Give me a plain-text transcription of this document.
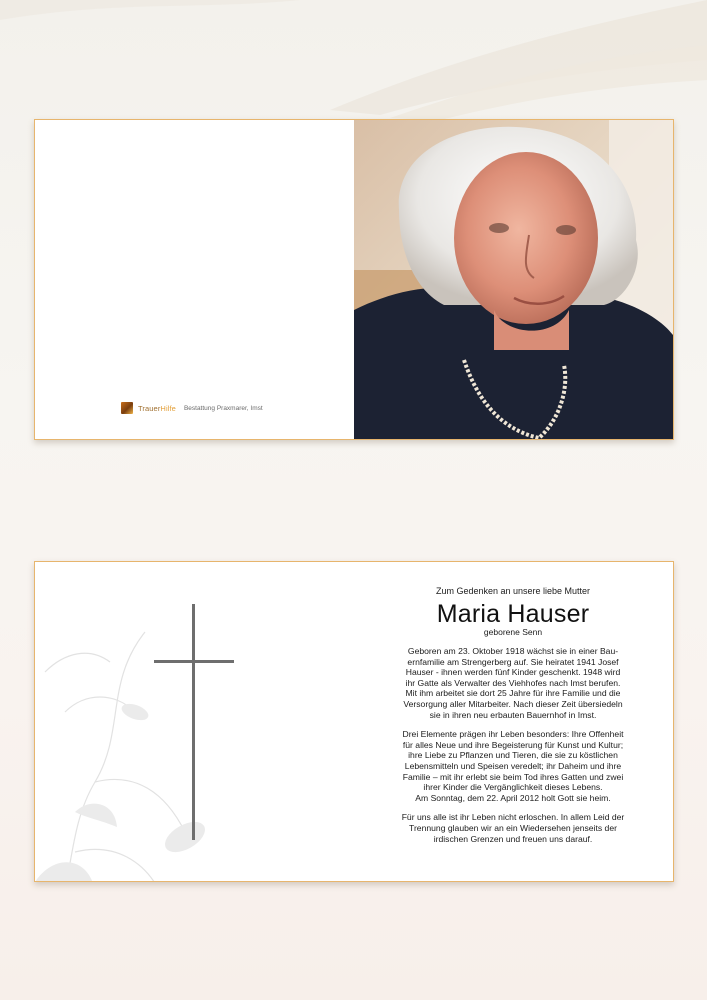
TrauerHilfe Bestattung Praxmarer, Imst
Zum Gedenken an unsere liebe Mutter
Maria Hauser
geborene Senn

Geboren am 23. Oktober 1918 wächst sie in einer Bau-
ernfamilie am Strengerberg auf. Sie heiratet 1941 Josef
Hauser - ihnen werden fünf Kinder geschenkt. 1948 wird
ihr Gatte als Verwalter des Viehhofes nach Imst berufen.
Mit ihm arbeitet sie dort 25 Jahre für ihre Familie und die
Versorgung aller Mitarbeiter. Nach dieser Zeit übersiedeln
sie in ihren neu erbauten Bauernhof in Imst.

Drei Elemente prägen ihr Leben besonders: Ihre Offenheit
für alles Neue und ihre Begeisterung für Kunst und Kultur;
ihre Liebe zu Pflanzen und Tieren, die sie zu köstlichen
Lebensmitteln und Speisen veredelt; ihr Daheim und ihre
Familie – mit ihr erlebt sie beim Tod ihres Gatten und zwei
ihrer Kinder die Vergänglichkeit dieses Lebens.
Am Sonntag, dem 22. April 2012 holt Gott sie heim.

Für uns alle ist ihr Leben nicht erloschen. In allem Leid der
Trennung glauben wir an ein Wiedersehen jenseits der
irdischen Grenzen und freuen uns darauf.
